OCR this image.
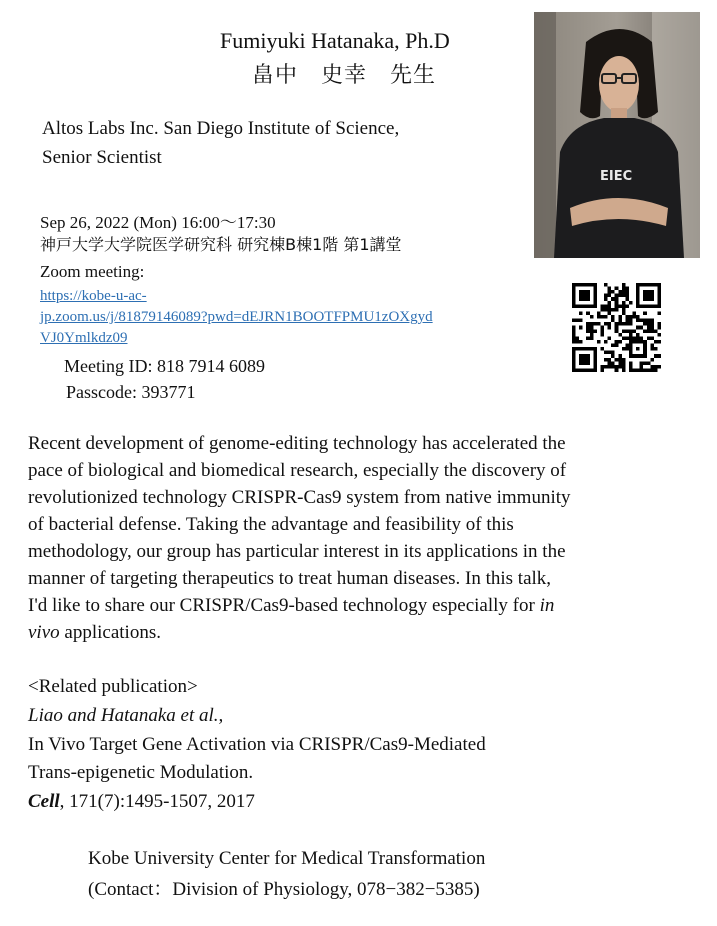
Fumiyuki Hatanaka, Ph.D
畠中　史幸　先生
Altos Labs Inc. San Diego Institute of Science,
Senior Scientist
EIEC
Sep 26, 2022 (Mon) 16:00～17:30
神戸大学大学院医学研究科 研究棟B棟1階 第1講堂
Zoom meeting:
https://kobe-u-ac-
jp.zoom.us/j/81879146089?pwd=dEJRN1BOOTFPMU1zOXgyd
VJ0Ymlkdz09
Meeting ID: 818 7914 6089
Passcode: 393771

Recent development of genome-editing technology has accelerated the

pace of biological and biomedical research, especially the discovery of

revolutionized technology CRISPR-Cas9 system from native immunity

of bacterial defense. Taking the advantage and feasibility of this

methodology, our group has particular interest in its applications in the

manner of targeting therapeutics to treat human diseases. In this talk,

I'd like to share our CRISPR/Cas9-based technology especially for in

vivo applications.

<Related publication>
Liao and Hatanaka et al.,
In Vivo Target Gene Activation via CRISPR/Cas9-Mediated
Trans-epigenetic Modulation.
Cell, 171(7):1495-1507, 2017
Kobe University Center for Medical Transformation
(Contact：Division of Physiology, 078−382−5385)
